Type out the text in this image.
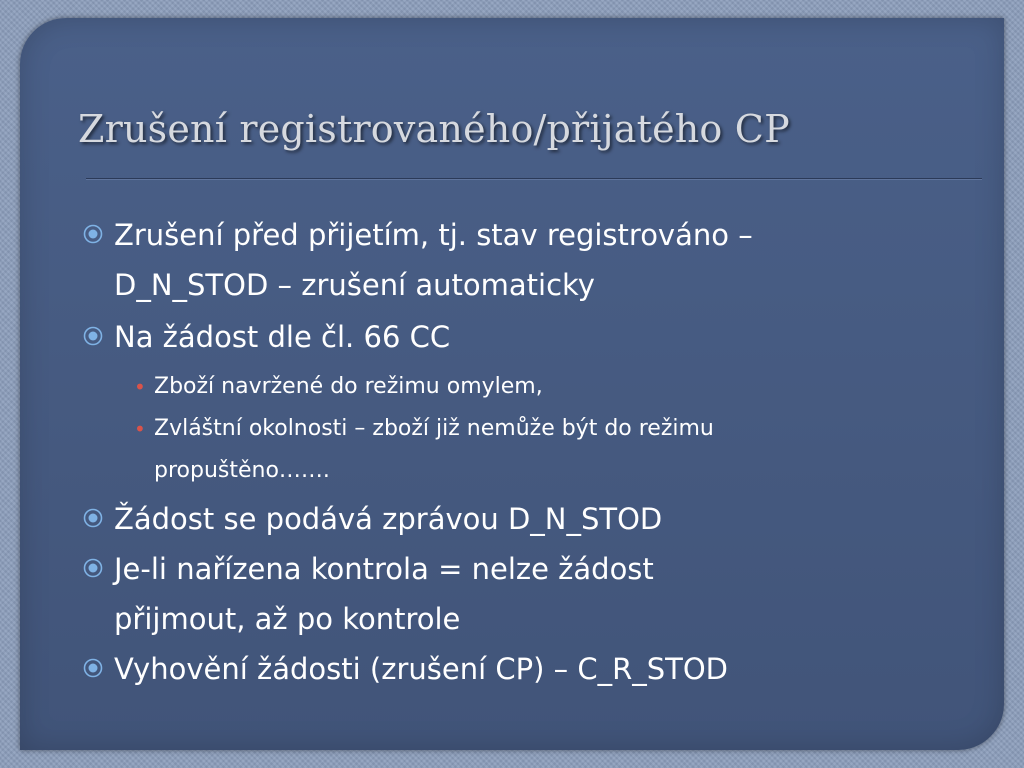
Zrušení registrovaného/přijatého CP
Zrušení před přijetím, tj. stav registrováno –
D_N_STOD – zrušení automaticky
Na žádost dle čl. 66 CC
• Zboží navržené do režimu omylem,
• Zvláštní okolnosti – zboží již nemůže být do režimu
propuštěno…….
Žádost se podává zprávou D_N_STOD
Je-li nařízena kontrola = nelze žádost
přijmout, až po kontrole
Vyhovění žádosti (zrušení CP) – C_R_STOD
